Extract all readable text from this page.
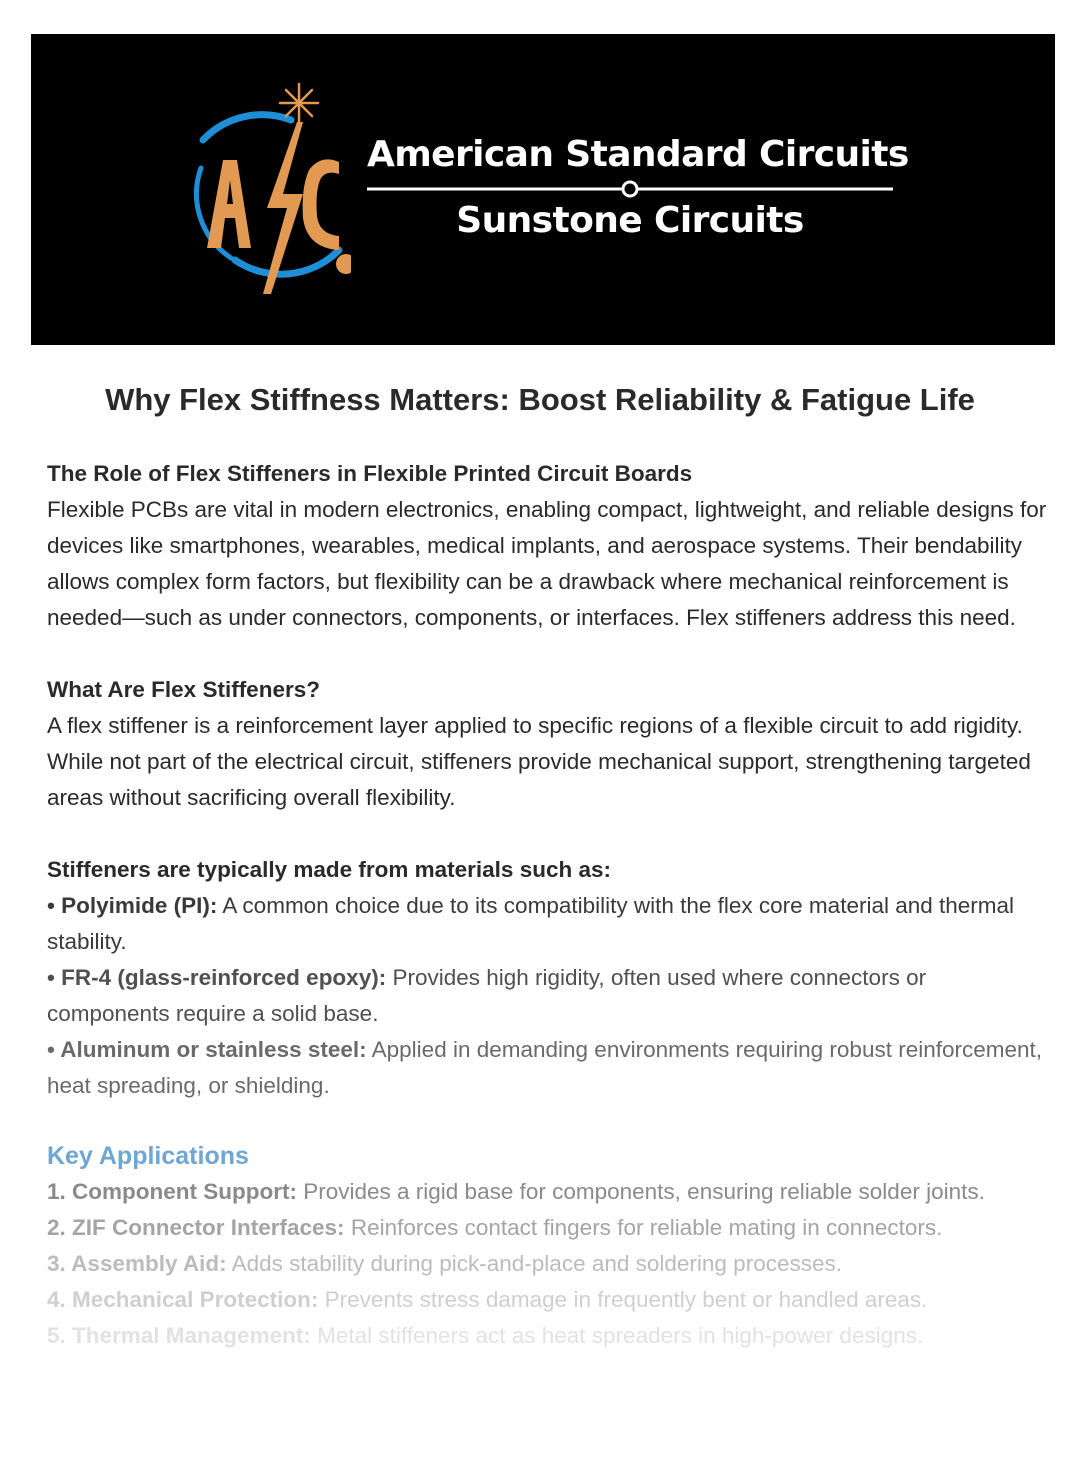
American Standard Circuits
Sunstone Circuits
Why Flex Stiffness Matters: Boost Reliability & Fatigue Life

The Role of Flex Stiffeners in Flexible Printed Circuit Boards

Flexible PCBs are vital in modern electronics, enabling compact, lightweight, and reliable designs for devices like smartphones, wearables, medical implants, and aerospace systems. Their bendability allows complex form factors, but flexibility can be a drawback where mechanical reinforcement is needed—such as under connectors, components, or interfaces. Flex stiffeners address this need.

What Are Flex Stiffeners?

A flex stiffener is a reinforcement layer applied to specific regions of a flexible circuit to add rigidity. While not part of the electrical circuit, stiffeners provide mechanical support, strengthening targeted areas without sacrificing overall flexibility.

Stiffeners are typically made from materials such as:

• Polyimide (PI): A common choice due to its compatibility with the flex core material and thermal stability.

• FR-4 (glass-reinforced epoxy): Provides high rigidity, often used where connectors or components require a solid base.

• Aluminum or stainless steel: Applied in demanding environments requiring robust reinforcement, heat spreading, or shielding.

Key Applications

1. Component Support: Provides a rigid base for components, ensuring reliable solder joints.

2. ZIF Connector Interfaces: Reinforces contact fingers for reliable mating in connectors.

3. Assembly Aid: Adds stability during pick-and-place and soldering processes.

4. Mechanical Protection: Prevents stress damage in frequently bent or handled areas.

5. Thermal Management: Metal stiffeners act as heat spreaders in high-power designs.
